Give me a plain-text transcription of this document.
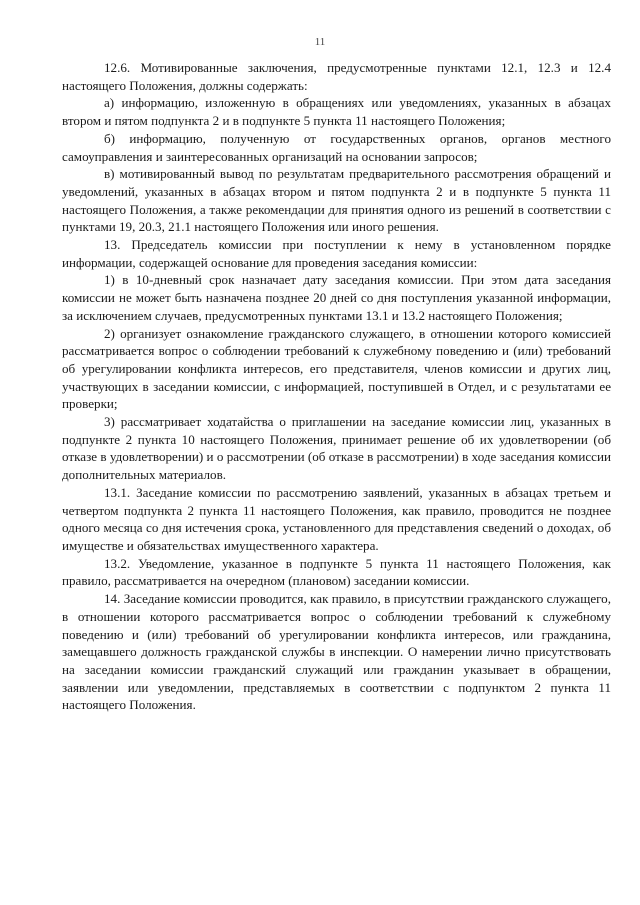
11

12.6. Мотивированные заключения, предусмотренные пунктами 12.1, 12.3 и 12.4 настоящего Положения, должны содержать:

а) информацию, изложенную в обращениях или уведомлениях, указанных в абзацах втором и пятом подпункта 2 и в подпункте 5 пункта 11 настоящего Положения;

б) информацию, полученную от государственных органов, органов местного самоуправления и заинтересованных организаций на основании запросов;

в) мотивированный вывод по результатам предварительного рассмотрения обращений и уведомлений, указанных в абзацах втором и пятом подпункта 2 и в подпункте 5 пункта 11 настоящего Положения, а также рекомендации для принятия одного из решений в соответствии с пунктами 19, 20.3, 21.1 настоящего Положения или иного решения.

13. Председатель комиссии при поступлении к нему в установленном порядке информации, содержащей основание для проведения заседания комиссии:

1) в 10-дневный срок назначает дату заседания комиссии. При этом дата заседания комиссии не может быть назначена позднее 20 дней со дня поступления указанной информации, за исключением случаев, предусмотренных пунктами 13.1 и 13.2 настоящего Положения;

2) организует ознакомление гражданского служащего, в отношении которого комиссией рассматривается вопрос о соблюдении требований к служебному поведению и (или) требований об урегулировании конфликта интересов, его представителя, членов комиссии и других лиц, участвующих в заседании комиссии, с информацией, поступившей в Отдел, и с результатами ее проверки;

3) рассматривает ходатайства о приглашении на заседание комиссии лиц, указанных в подпункте 2 пункта 10 настоящего Положения, принимает решение об их удовлетворении (об отказе в удовлетворении) и о рассмотрении (об отказе в рассмотрении) в ходе заседания комиссии дополнительных материалов.

13.1. Заседание комиссии по рассмотрению заявлений, указанных в абзацах третьем и четвертом подпункта 2 пункта 11 настоящего Положения, как правило, проводится не позднее одного месяца со дня истечения срока, установленного для представления сведений о доходах, об имуществе и обязательствах имущественного характера.

13.2. Уведомление, указанное в подпункте 5 пункта 11 настоящего Положения, как правило, рассматривается на очередном (плановом) заседании комиссии.

14. Заседание комиссии проводится, как правило, в присутствии гражданского служащего, в отношении которого рассматривается вопрос о соблюдении требований к служебному поведению и (или) требований об урегулировании конфликта интересов, или гражданина, замещавшего должность гражданской службы в инспекции. О намерении лично присутствовать на заседании комиссии гражданский служащий или гражданин указывает в обращении, заявлении или уведомлении, представляемых в соответствии с подпунктом 2 пункта 11 настоящего Положения.
